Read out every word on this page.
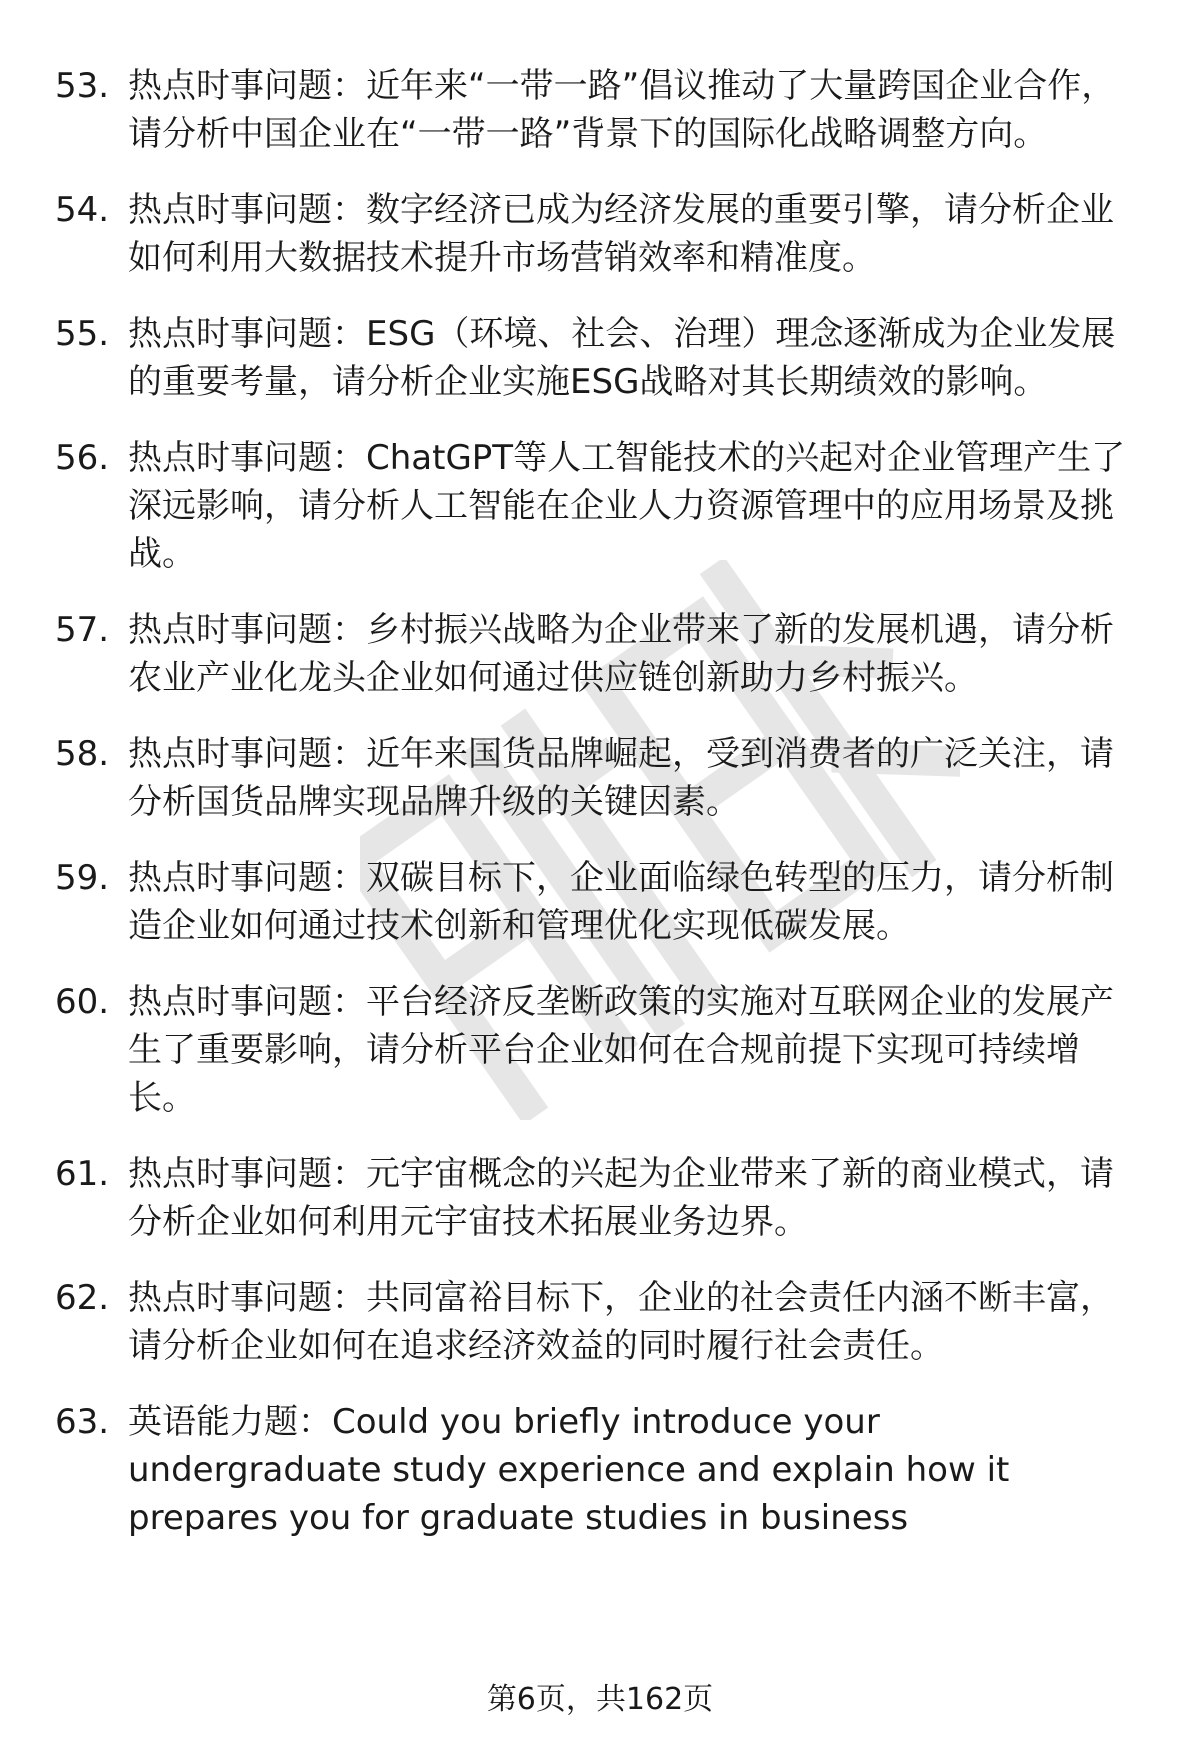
53. 热点时事问题：近年来“一带一路”倡议推动了大量跨国企业合作，请分析中国企业在“一带一路”背景下的国际化战略调整方向。
54. 热点时事问题：数字经济已成为经济发展的重要引擎，请分析企业如何利用大数据技术提升市场营销效率和精准度。
55. 热点时事问题：ESG（环境、社会、治理）理念逐渐成为企业发展的重要考量，请分析企业实施ESG战略对其长期绩效的影响。
56. 热点时事问题：ChatGPT等人工智能技术的兴起对企业管理产生了深远影响，请分析人工智能在企业人力资源管理中的应用场景及挑战。
57. 热点时事问题：乡村振兴战略为企业带来了新的发展机遇，请分析农业产业化龙头企业如何通过供应链创新助力乡村振兴。
58. 热点时事问题：近年来国货品牌崛起，受到消费者的广泛关注，请分析国货品牌实现品牌升级的关键因素。
59. 热点时事问题：双碳目标下，企业面临绿色转型的压力，请分析制造企业如何通过技术创新和管理优化实现低碳发展。
60. 热点时事问题：平台经济反垄断政策的实施对互联网企业的发展产生了重要影响，请分析平台企业如何在合规前提下实现可持续增长。
61. 热点时事问题：元宇宙概念的兴起为企业带来了新的商业模式，请分析企业如何利用元宇宙技术拓展业务边界。
62. 热点时事问题：共同富裕目标下，企业的社会责任内涵不断丰富，请分析企业如何在追求经济效益的同时履行社会责任。
63. 英语能力题：Could you briefly introduce your undergraduate study experience and explain how it prepares you for graduate studies in business
第6页，共162页
